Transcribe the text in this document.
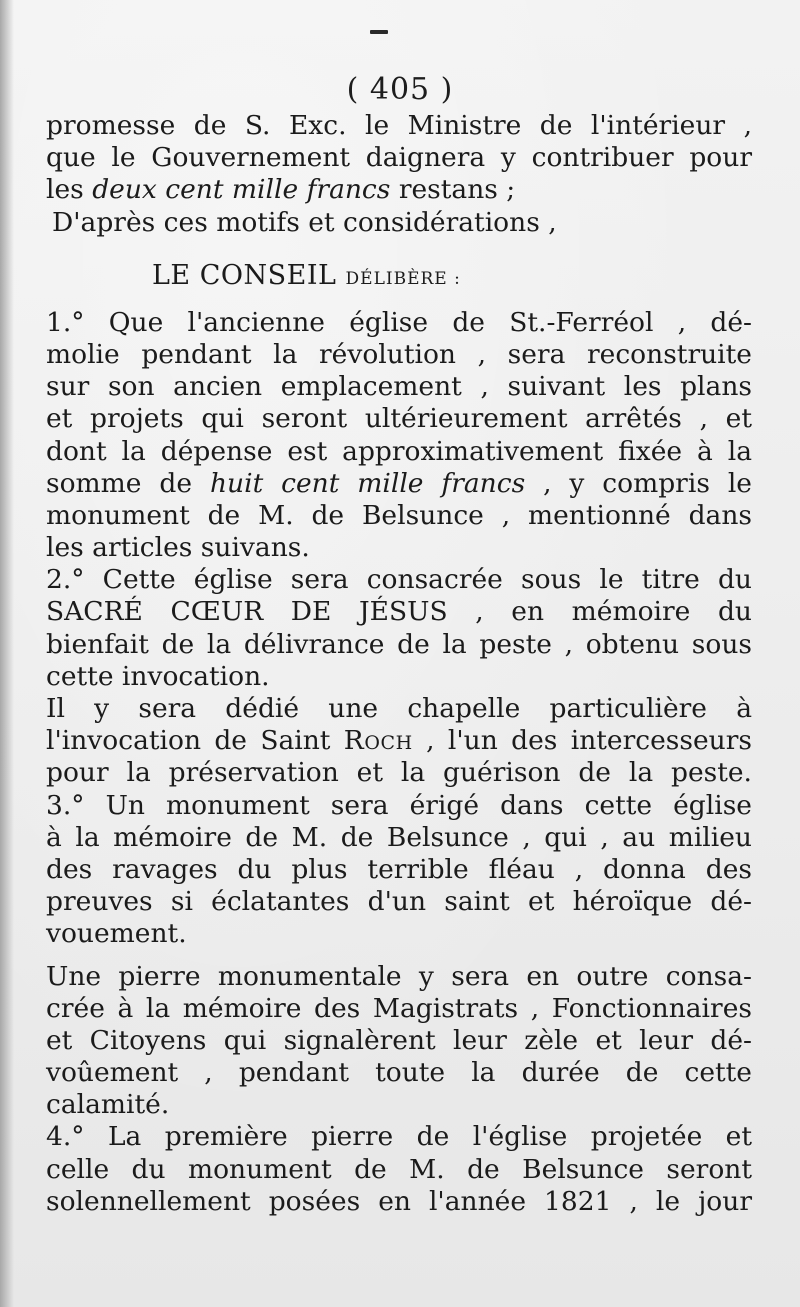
( 405 )
promesse de S. Exc. le Ministre de l'intérieur ,
que le Gouvernement daignera y contribuer pour
les deux cent mille francs restans ;
D'après ces motifs et considérations ,
LE CONSEIL DÉLIBÈRE :
1.° Que l'ancienne église de St.-Ferréol , dé-
molie pendant la révolution , sera reconstruite
sur son ancien emplacement , suivant les plans
et projets qui seront ultérieurement arrêtés , et
dont la dépense est approximativement fixée à la
somme de huit cent mille francs , y compris le
monument de M. de Belsunce , mentionné dans
les articles suivans.
2.° Cette église sera consacrée sous le titre du
SACRÉ CŒUR DE JÉSUS , en mémoire du
bienfait de la délivrance de la peste , obtenu sous
cette invocation.
Il y sera dédié une chapelle particulière à
l'invocation de Saint Roch , l'un des intercesseurs
pour la préservation et la guérison de la peste.
3.° Un monument sera érigé dans cette église
à la mémoire de M. de Belsunce , qui , au milieu
des ravages du plus terrible fléau , donna des
preuves si éclatantes d'un saint et héroïque dé-
vouement.
Une pierre monumentale y sera en outre consa-
crée à la mémoire des Magistrats , Fonctionnaires
et Citoyens qui signalèrent leur zèle et leur dé-
voûement , pendant toute la durée de cette
calamité.
4.° La première pierre de l'église projetée et
celle du monument de M. de Belsunce seront
solennellement posées en l'année 1821 , le jour
